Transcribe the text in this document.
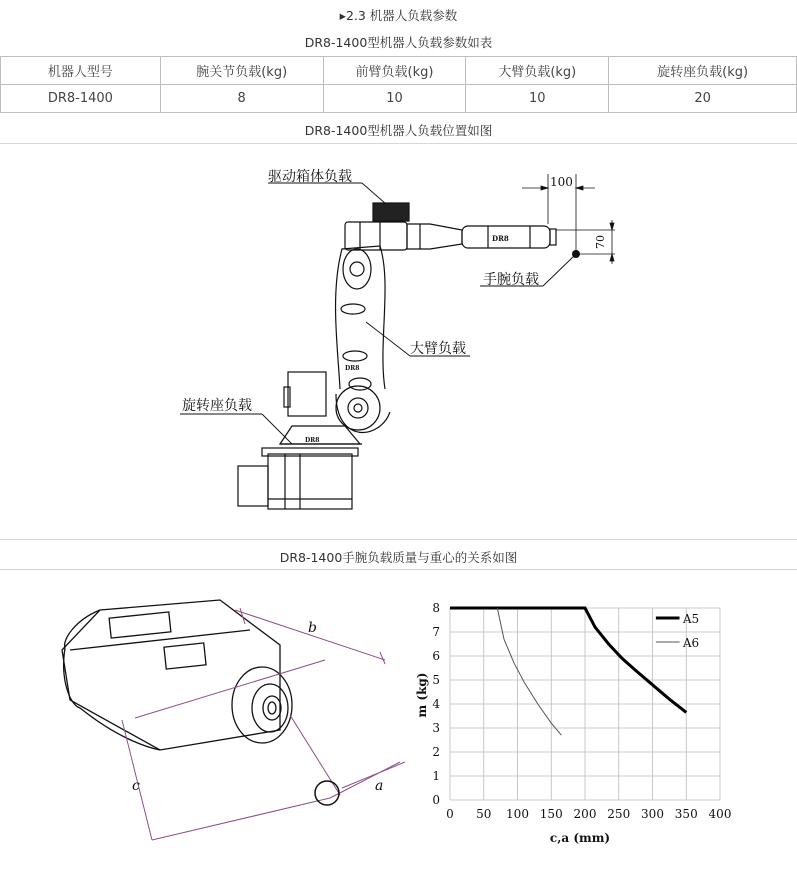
▸2.3 机器人负载参数
DR8-1400型机器人负载参数如表
机器人型号	腕关节负载(kg)	前臂负载(kg)	大臂负载(kg)	旋转座负载(kg)
DR8-1400	8	10	10	20
DR8-1400型机器人负载位置如图
DR8
DR8
DR8
100
70
驱动箱体负载
手腕负载
大臂负载
旋转座负载
DR8-1400手腕负载质量与重心的关系如图
b
c	a
0 50 100 150 200 250 300 350 400
0
1
2
3
4
5
6
7
8
A5
A6
c,a (mm)
m (kg)
